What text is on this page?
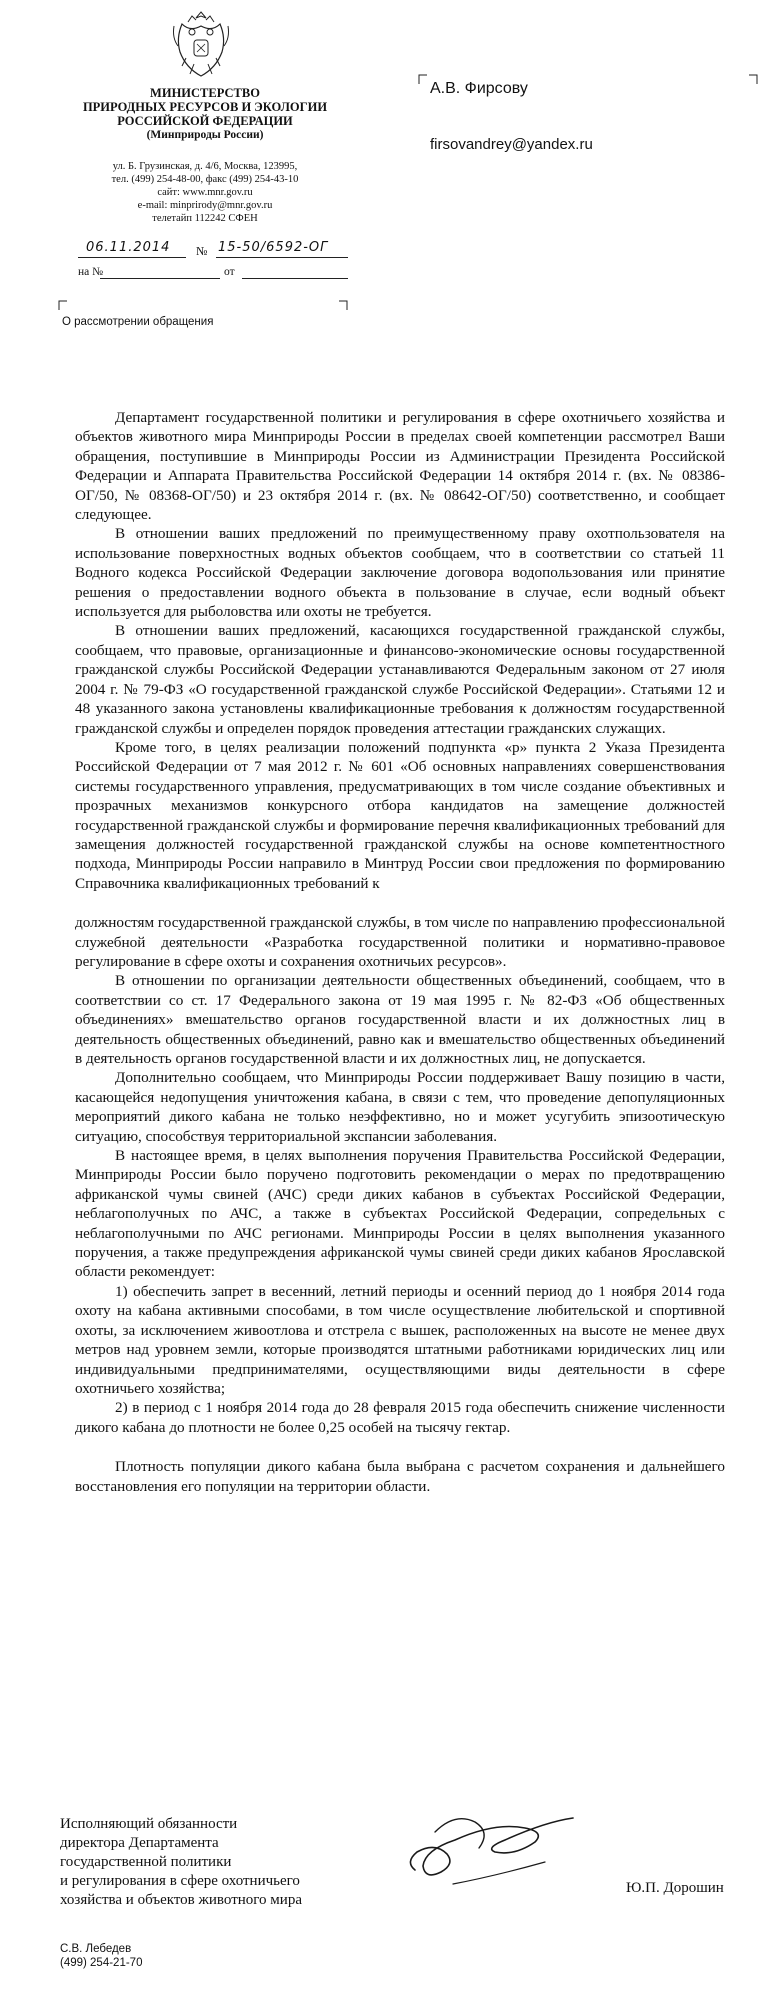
МИНИСТЕРСТВО
ПРИРОДНЫХ РЕСУРСОВ И ЭКОЛОГИИ
РОССИЙСКОЙ ФЕДЕРАЦИИ
(Минприроды России)
ул. Б. Грузинская, д. 4/6, Москва, 123995,
тел. (499) 254-48-00, факс (499) 254-43-10
сайт: www.mnr.gov.ru
e-mail: minprirody@mnr.gov.ru
телетайп 112242 СФЕН
06.11.2014 № 15-50/6592-ОГ
на №	от
О рассмотрении обращения
А.В. Фирсову
firsovandrey@yandex.ru

Департамент государственной политики и регулирования в сфере охотничьего хозяйства и объектов животного мира Минприроды России в пределах своей компетенции рассмотрел Ваши обращения, поступившие в Минприроды России из Администрации Президента Российской Федерации и Аппарата Правительства Российской Федерации 14 октября 2014 г. (вх. № 08386-ОГ/50, № 08368-ОГ/50) и 23 октября 2014 г. (вх. № 08642-ОГ/50) соответственно, и сообщает следующее.

В отношении ваших предложений по преимущественному праву охотпользователя на использование поверхностных водных объектов сообщаем, что в соответствии со статьей 11 Водного кодекса Российской Федерации заключение договора водопользования или принятие решения о предоставлении водного объекта в пользование в случае, если водный объект используется для рыболовства или охоты не требуется.

В отношении ваших предложений, касающихся государственной гражданской службы, сообщаем, что правовые, организационные и финансово-экономические основы государственной гражданской службы Российской Федерации устанавливаются Федеральным законом от 27 июля 2004 г. № 79-ФЗ «О государственной гражданской службе Российской Федерации». Статьями 12 и 48 указанного закона установлены квалификационные требования к должностям государственной гражданской службы и определен порядок проведения аттестации гражданских служащих.

Кроме того, в целях реализации положений подпункта «р» пункта 2 Указа Президента Российской Федерации от 7 мая 2012 г. № 601 «Об основных направлениях совершенствования системы государственного управления, предусматривающих в том числе создание объективных и прозрачных механизмов конкурсного отбора кандидатов на замещение должностей государственной гражданской службы и формирование перечня квалификационных требований для замещения должностей государственной гражданской службы на основе компетентностного подхода, Минприроды России направило в Минтруд России свои предложения по формированию Справочника квалификационных требований к

должностям государственной гражданской службы, в том числе по направлению профессиональной служебной деятельности «Разработка государственной политики и нормативно-правовое регулирование в сфере охоты и сохранения охотничьих ресурсов».

В отношении по организации деятельности общественных объединений, сообщаем, что в соответствии со ст. 17 Федерального закона от 19 мая 1995 г. № 82-ФЗ «Об общественных объединениях» вмешательство органов государственной власти и их должностных лиц в деятельность общественных объединений, равно как и вмешательство общественных объединений в деятельность органов государственной власти и их должностных лиц, не допускается.

Дополнительно сообщаем, что Минприроды России поддерживает Вашу позицию в части, касающейся недопущения уничтожения кабана, в связи с тем, что проведение депопуляционных мероприятий дикого кабана не только неэффективно, но и может усугубить эпизоотическую ситуацию, способствуя территориальной экспансии заболевания.

В настоящее время, в целях выполнения поручения Правительства Российской Федерации, Минприроды России было поручено подготовить рекомендации о мерах по предотвращению африканской чумы свиней (АЧС) среди диких кабанов в субъектах Российской Федерации, неблагополучных по АЧС, а также в субъектах Российской Федерации, сопредельных с неблагополучными по АЧС регионами. Минприроды России в целях выполнения указанного поручения, а также предупреждения африканской чумы свиней среди диких кабанов Ярославской области рекомендует:

1) обеспечить запрет в весенний, летний периоды и осенний период до 1 ноября 2014 года охоту на кабана активными способами, в том числе осуществление любительской и спортивной охоты, за исключением живоотлова и отстрела с вышек, расположенных на высоте не менее двух метров над уровнем земли, которые производятся штатными работниками юридических лиц или индивидуальными предпринимателями, осуществляющими виды деятельности в сфере охотничьего хозяйства;

2) в период с 1 ноября 2014 года до 28 февраля 2015 года обеспечить снижение численности дикого кабана до плотности не более 0,25 особей на тысячу гектар.

Плотность популяции дикого кабана была выбрана с расчетом сохранения и дальнейшего восстановления его популяции на территории области.

Исполняющий обязанности
директора Департамента
государственной политики
и регулирования в сфере охотничьего
хозяйства и объектов животного мира
Ю.П. Дорошин
С.В. Лебедев
(499) 254-21-70
